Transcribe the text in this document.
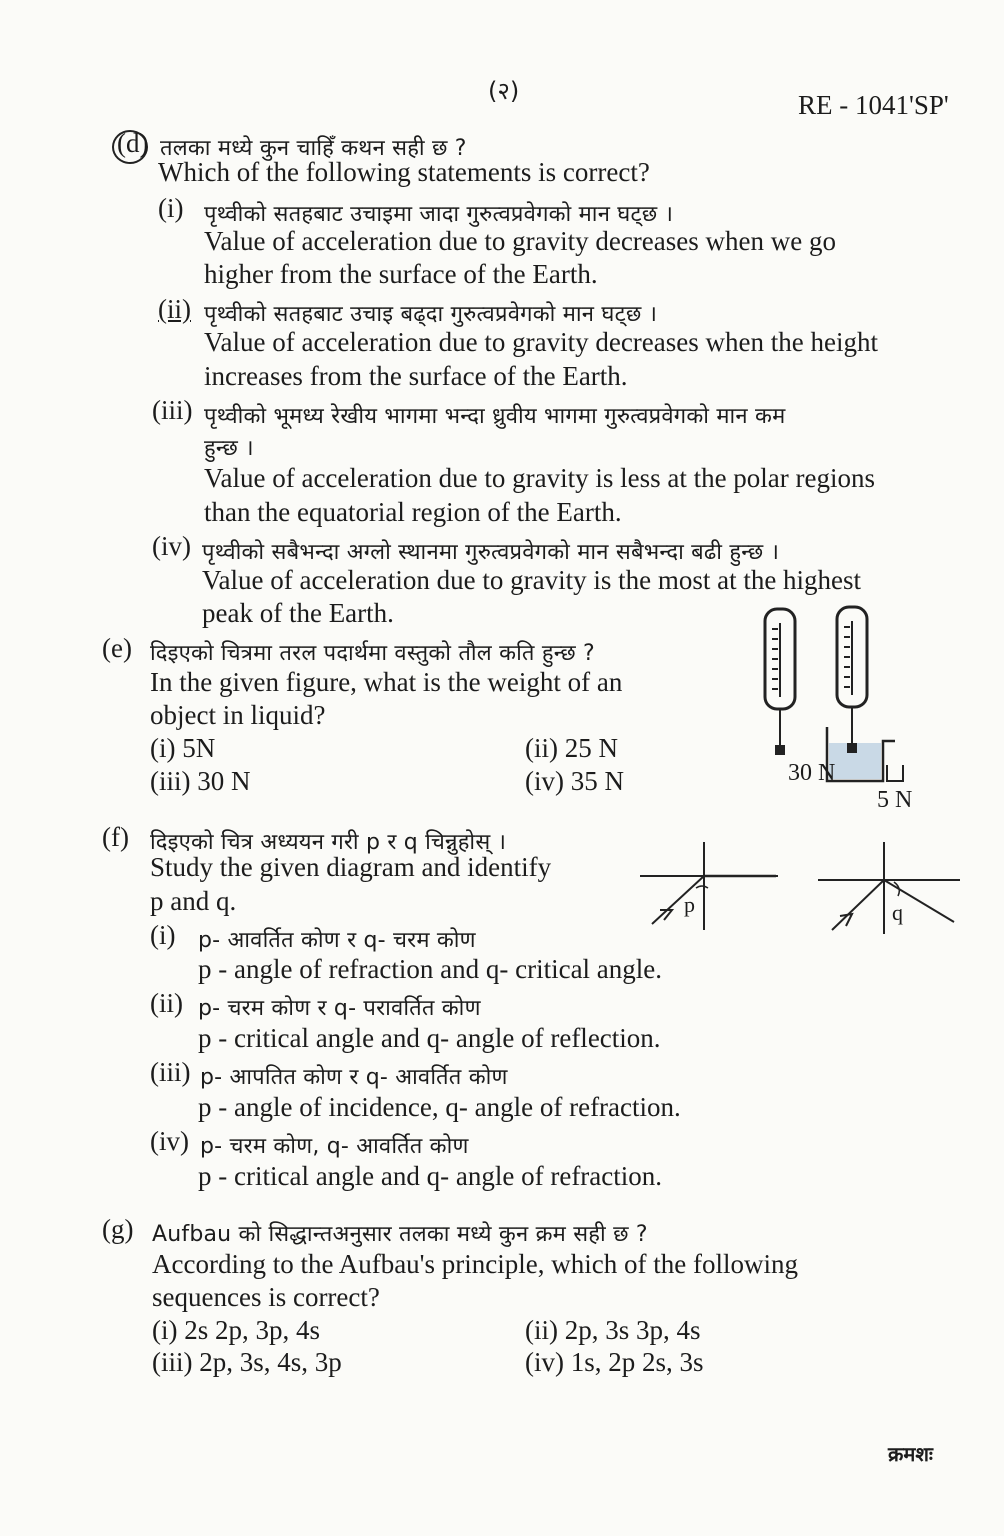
(२)	RE - 1041'SP'
(d) तलका मध्ये कुन चाहिँ कथन सही छ ?
Which of the following statements is correct?
(i) पृथ्वीको सतहबाट उचाइमा जादा गुरुत्वप्रवेगको मान घट्छ ।
Value of acceleration due to gravity decreases when we go
higher from the surface of the Earth.
(ii) पृथ्वीको सतहबाट उचाइ बढ्दा गुरुत्वप्रवेगको मान घट्छ ।
Value of acceleration due to gravity decreases when the height
increases from the surface of the Earth.
(iii) पृथ्वीको भूमध्य रेखीय भागमा भन्दा ध्रुवीय भागमा गुरुत्वप्रवेगको मान कम
हुन्छ ।
Value of acceleration due to gravity is less at the polar regions
than the equatorial region of the Earth.
(iv) पृथ्वीको सबैभन्दा अग्लो स्थानमा गुरुत्वप्रवेगको मान सबैभन्दा बढी हुन्छ ।
Value of acceleration due to gravity is the most at the highest
peak of the Earth.
(e) दिइएको चित्रमा तरल पदार्थमा वस्तुको तौल कति हुन्छ ?
In the given figure, what is the weight of an
object in liquid?
(i) 5N	(ii) 25 N
(iii) 30 N	(iv) 35 N	30 N
5 N
(f) दिइएको चित्र अध्ययन गरी p र q चिन्नुहोस् ।
Study the given diagram and identify
p and q.	p	q
(i) p- आवर्तित कोण र q- चरम कोण
p - angle of refraction and q- critical angle.
(ii) p- चरम कोण र q- परावर्तित कोण
p - critical angle and q- angle of reflection.
(iii) p- आपतित कोण र q- आवर्तित कोण
p - angle of incidence, q- angle of refraction.
(iv) p- चरम कोण, q- आवर्तित कोण
p - critical angle and q- angle of refraction.
(g) Aufbau को सिद्धान्तअनुसार तलका मध्ये कुन क्रम सही छ ?
According to the Aufbau's principle, which of the following
sequences is correct?
(i) 2s 2p, 3p, 4s	(ii) 2p, 3s 3p, 4s
(iii) 2p, 3s, 4s, 3p	(iv) 1s, 2p 2s, 3s
क्रमशः
